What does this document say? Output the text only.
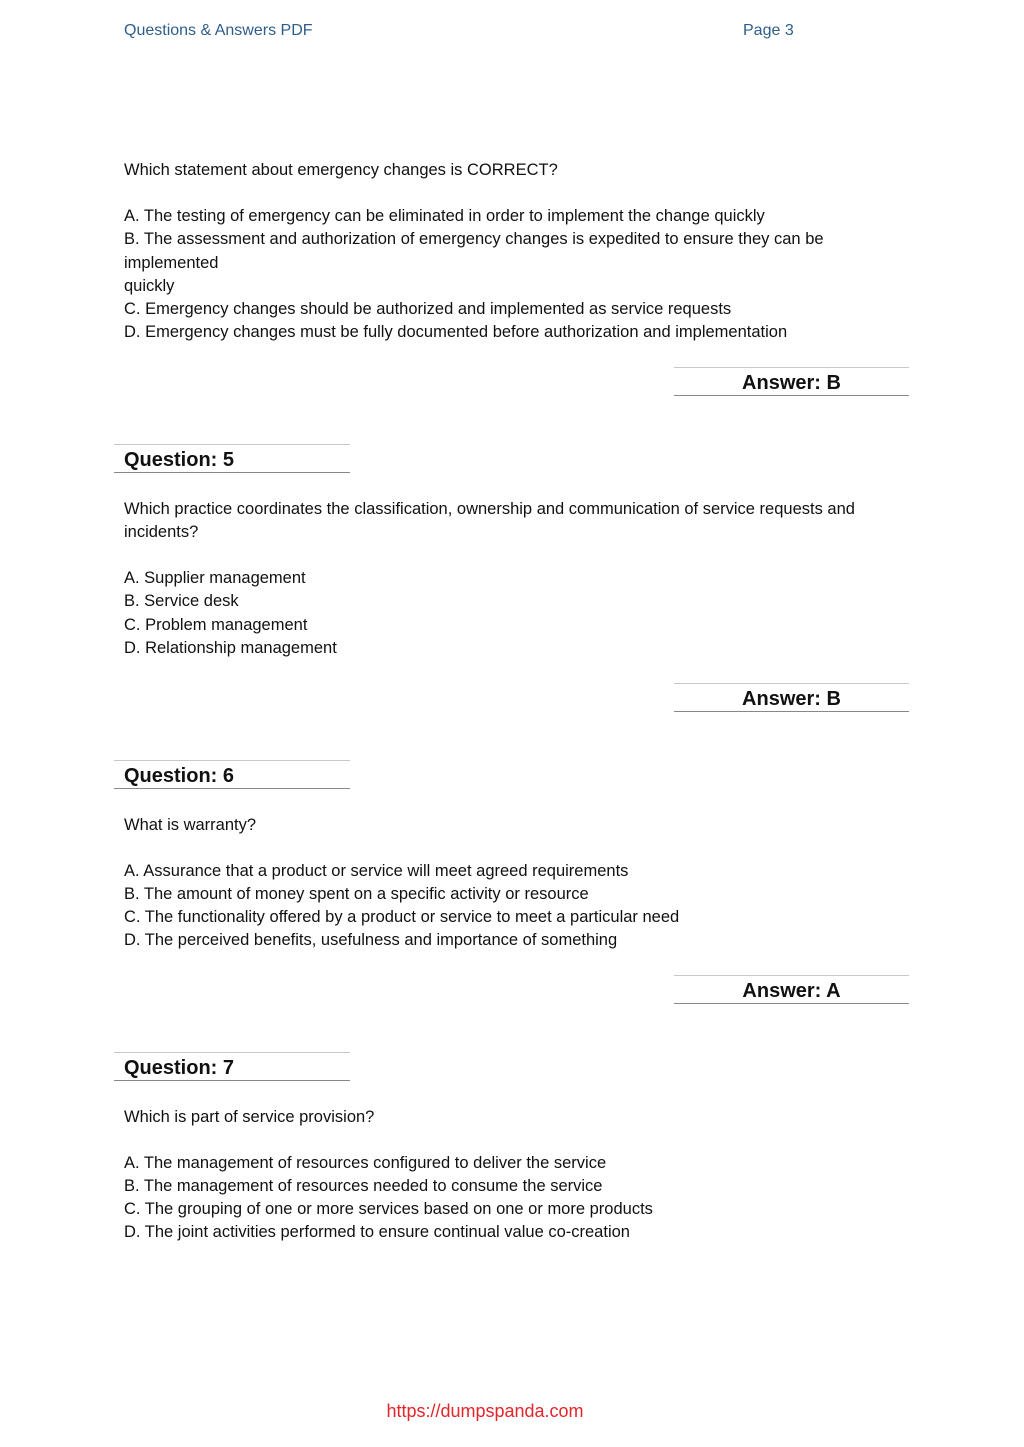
Questions & Answers PDF	Page 3
Which statement about emergency changes is CORRECT?
A. The testing of emergency can be eliminated in order to implement the change quickly
B. The assessment and authorization of emergency changes is expedited to ensure they can be
implemented
quickly
C. Emergency changes should be authorized and implemented as service requests
D. Emergency changes must be fully documented before authorization and implementation
Answer: B
Question: 5
Which practice coordinates the classification, ownership and communication of service requests and incidents?
A. Supplier management
B. Service desk
C. Problem management
D. Relationship management
Answer: B
Question: 6
What is warranty?
A. Assurance that a product or service will meet agreed requirements
B. The amount of money spent on a specific activity or resource
C. The functionality offered by a product or service to meet a particular need
D. The perceived benefits, usefulness and importance of something
Answer: A
Question: 7
Which is part of service provision?
A. The management of resources configured to deliver the service
B. The management of resources needed to consume the service
C. The grouping of one or more services based on one or more products
D. The joint activities performed to ensure continual value co-creation
https://dumpspanda.com
